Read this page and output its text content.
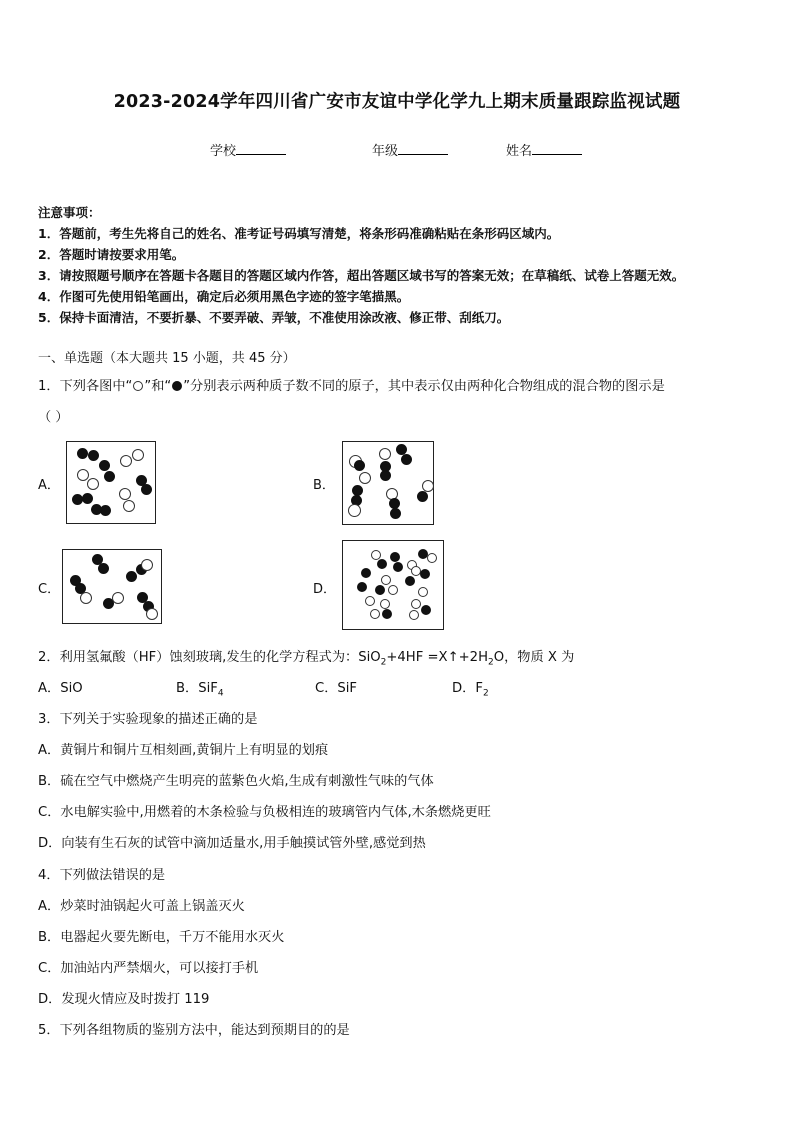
2023-2024学年四川省广安市友谊中学化学九上期末质量跟踪监视试题
学校	年级	姓名
注意事项：
1．答题前，考生先将自己的姓名、准考证号码填写清楚，将条形码准确粘贴在条形码区域内。
2．答题时请按要求用笔。
3．请按照题号顺序在答题卡各题目的答题区域内作答，超出答题区域书写的答案无效；在草稿纸、试卷上答题无效。
4．作图可先使用铅笔画出，确定后必须用黑色字迹的签字笔描黑。
5．保持卡面清洁，不要折暴、不要弄破、弄皱，不准使用涂改液、修正带、刮纸刀。
一、单选题（本大题共 15 小题，共 45 分）
1．下列各图中“ ”和“ ”分别表示两种质子数不同的原子，其中表示仅由两种化合物组成的混合物的图示是
（ ）
A．	B．
C．	D．
2．利用氢氟酸（HF）蚀刻玻璃,发生的化学方程式为：$SiO_2+4HF =X↑+2H_2O$，物质 X 为
A．SiO	B．SiF$_4$	C．SiF	D．$F_2$
3．下列关于实验现象的描述正确的是
A．黄铜片和铜片互相刻画,黄铜片上有明显的划痕
B．硫在空气中燃烧产生明亮的蓝紫色火焰,生成有刺激性气味的气体
C．水电解实验中,用燃着的木条检验与负极相连的玻璃管内气体,木条燃烧更旺
D．向装有生石灰的试管中滴加适量水,用手触摸试管外壁,感觉到热
4．下列做法错误的是
A．炒菜时油锅起火可盖上锅盖灭火
B．电器起火要先断电，千万不能用水灭火
C．加油站内严禁烟火，可以接打手机
D．发现火情应及时拨打 119
5．下列各组物质的鉴别方法中，能达到预期目的的是
